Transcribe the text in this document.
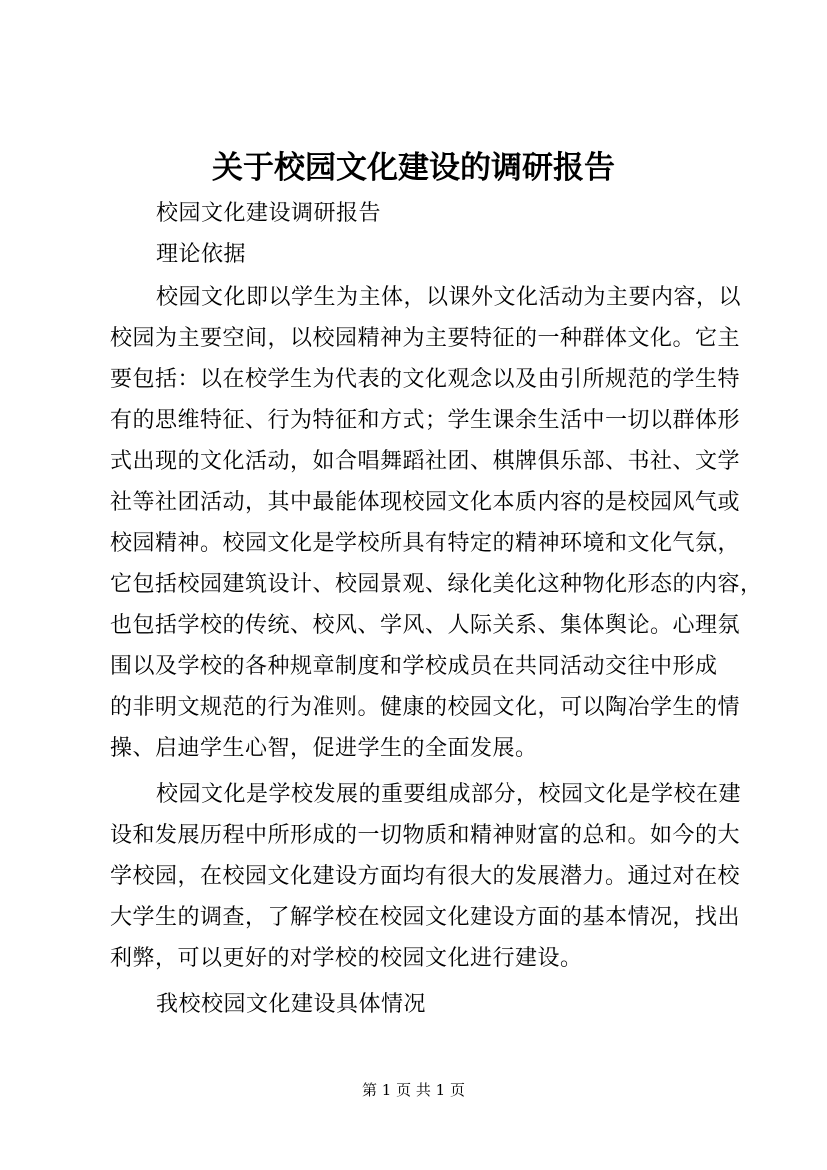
关于校园文化建设的调研报告
校园文化建设调研报告
理论依据
校园文化即以学生为主体，以课外文化活动为主要内容，以
校园为主要空间，以校园精神为主要特征的一种群体文化。它主
要包括：以在校学生为代表的文化观念以及由引所规范的学生特
有的思维特征、行为特征和方式；学生课余生活中一切以群体形
式出现的文化活动，如合唱舞蹈社团、棋牌俱乐部、书社、文学
社等社团活动，其中最能体现校园文化本质内容的是校园风气或
校园精神。校园文化是学校所具有特定的精神环境和文化气氛，
它包括校园建筑设计、校园景观、绿化美化这种物化形态的内容，
也包括学校的传统、校风、学风、人际关系、集体舆论。心理氛
围以及学校的各种规章制度和学校成员在共同活动交往中形成
的非明文规范的行为准则。健康的校园文化，可以陶冶学生的情
操、启迪学生心智，促进学生的全面发展。
校园文化是学校发展的重要组成部分，校园文化是学校在建
设和发展历程中所形成的一切物质和精神财富的总和。如今的大
学校园，在校园文化建设方面均有很大的发展潜力。通过对在校
大学生的调查，了解学校在校园文化建设方面的基本情况，找出
利弊，可以更好的对学校的校园文化进行建设。
我校校园文化建设具体情况
第 1 页 共 1 页
